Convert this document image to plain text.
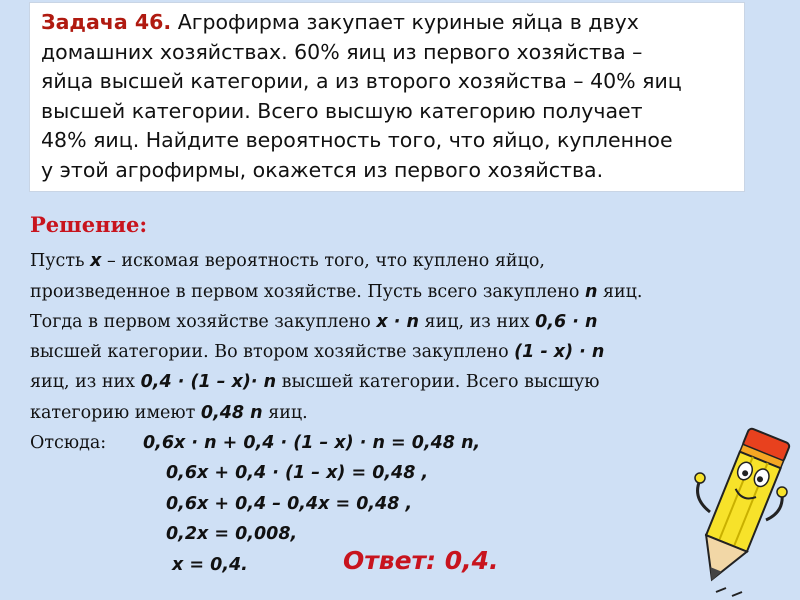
Задача 46. Агрофирма закупает куриные яйца в двух
домашних хозяйствах. 60% яиц из первого хозяйства –
яйца высшей категории, а из второго хозяйства – 40% яиц
высшей категории. Всего высшую категорию получает
48% яиц. Найдите вероятность того, что яйцо, купленное
у этой агрофирмы, окажется из первого хозяйства.
Решение:
Пусть x – искомая вероятность того, что куплено яйцо,
произведенное в первом хозяйстве. Пусть всего закуплено n яиц.
Тогда в первом хозяйстве закуплено x · n яиц, из них 0,6 · n
высшей категории. Во втором хозяйстве закуплено (1 - x) · n
яиц, из них 0,4 · (1 – x)· n высшей категории. Всего высшую
категорию имеют 0,48 n яиц.
Отсюда: 0,6x · n + 0,4 · (1 – x) · n = 0,48 n,
0,6x + 0,4 · (1 – x) = 0,48 ,
0,6x + 0,4 – 0,4x = 0,48 ,
0,2x = 0,008,
x = 0,4.	Ответ: 0,4.
